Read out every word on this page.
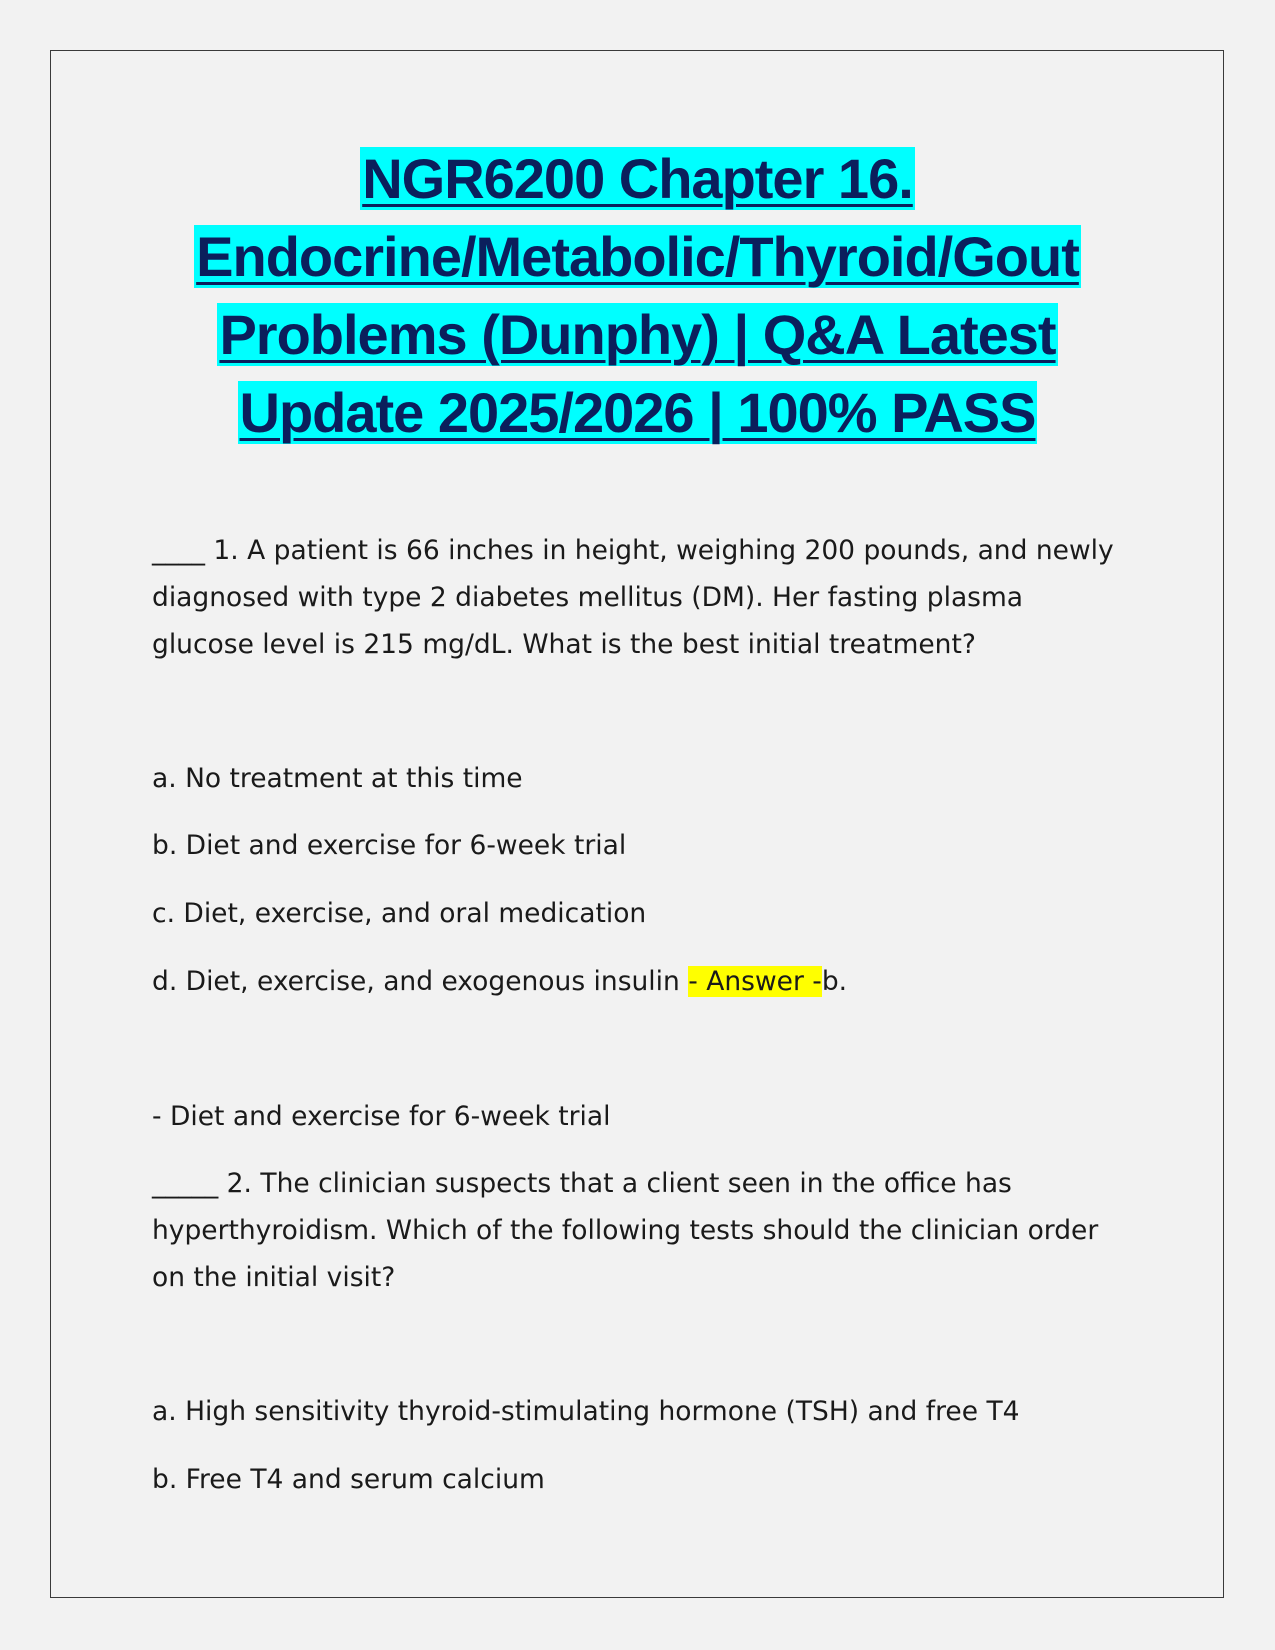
NGR6200 Chapter 16.
Endocrine/Metabolic/Thyroid/Gout
Problems (Dunphy) | Q&A Latest
Update 2025/2026 | 100% PASS

____ 1. A patient is 66 inches in height, weighing 200 pounds, and newly diagnosed with type 2 diabetes mellitus (DM). Her fasting plasma glucose level is 215 mg/dL. What is the best initial treatment?

a. No treatment at this time

b. Diet and exercise for 6-week trial

c. Diet, exercise, and oral medication

d. Diet, exercise, and exogenous insulin - Answer -b.

- Diet and exercise for 6-week trial

_____ 2. The clinician suspects that a client seen in the office has hyperthyroidism. Which of the following tests should the clinician order on the initial visit?

a. High sensitivity thyroid-stimulating hormone (TSH) and free T4

b. Free T4 and serum calcium
